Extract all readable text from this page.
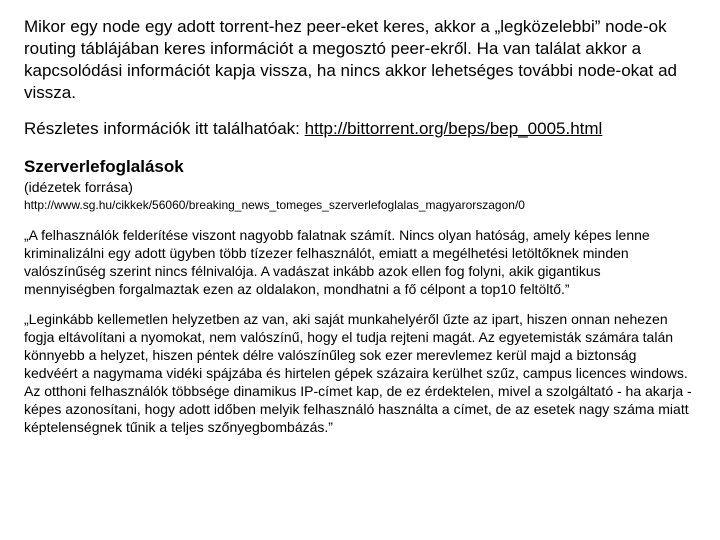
Mikor egy node egy adott torrent-hez peer-eket keres, akkor a „legközelebbi” node-ok routing táblájában keres információt a megosztó peer-ekről. Ha van találat akkor a kapcsolódási információt kapja vissza, ha nincs akkor lehetséges további node-okat ad vissza.

Részletes információk itt találhatóak: http://bittorrent.org/beps/bep_0005.html

Szerverlefoglalások

(idézetek forrása)

http://www.sg.hu/cikkek/56060/breaking_news_tomeges_szerverlefoglalas_magyarorszagon/0

„A felhasználók felderítése viszont nagyobb falatnak számít. Nincs olyan hatóság, amely képes lenne kriminalizálni egy adott ügyben több tízezer felhasználót, emiatt a megélhetési letöltőknek minden valószínűség szerint nincs félnivalója. A vadászat inkább azok ellen fog folyni, akik gigantikus mennyiségben forgalmaztak ezen az oldalakon, mondhatni a fő célpont a top10 feltöltő.”

„Leginkább kellemetlen helyzetben az van, aki saját munkahelyéről űzte az ipart, hiszen onnan nehezen fogja eltávolítani a nyomokat, nem valószínű, hogy el tudja rejteni magát. Az egyetemisták számára talán könnyebb a helyzet, hiszen péntek délre valószínűleg sok ezer merevlemez kerül majd a biztonság kedvéért a nagymama vidéki spájzába és hirtelen gépek százaira kerülhet szűz, campus licences windows. Az otthoni felhasználók többsége dinamikus IP-címet kap, de ez érdektelen, mivel a szolgáltató - ha akarja - képes azonosítani, hogy adott időben melyik felhasználó használta a címet, de az esetek nagy száma miatt képtelenségnek tűnik a teljes szőnyegbombázás.”
